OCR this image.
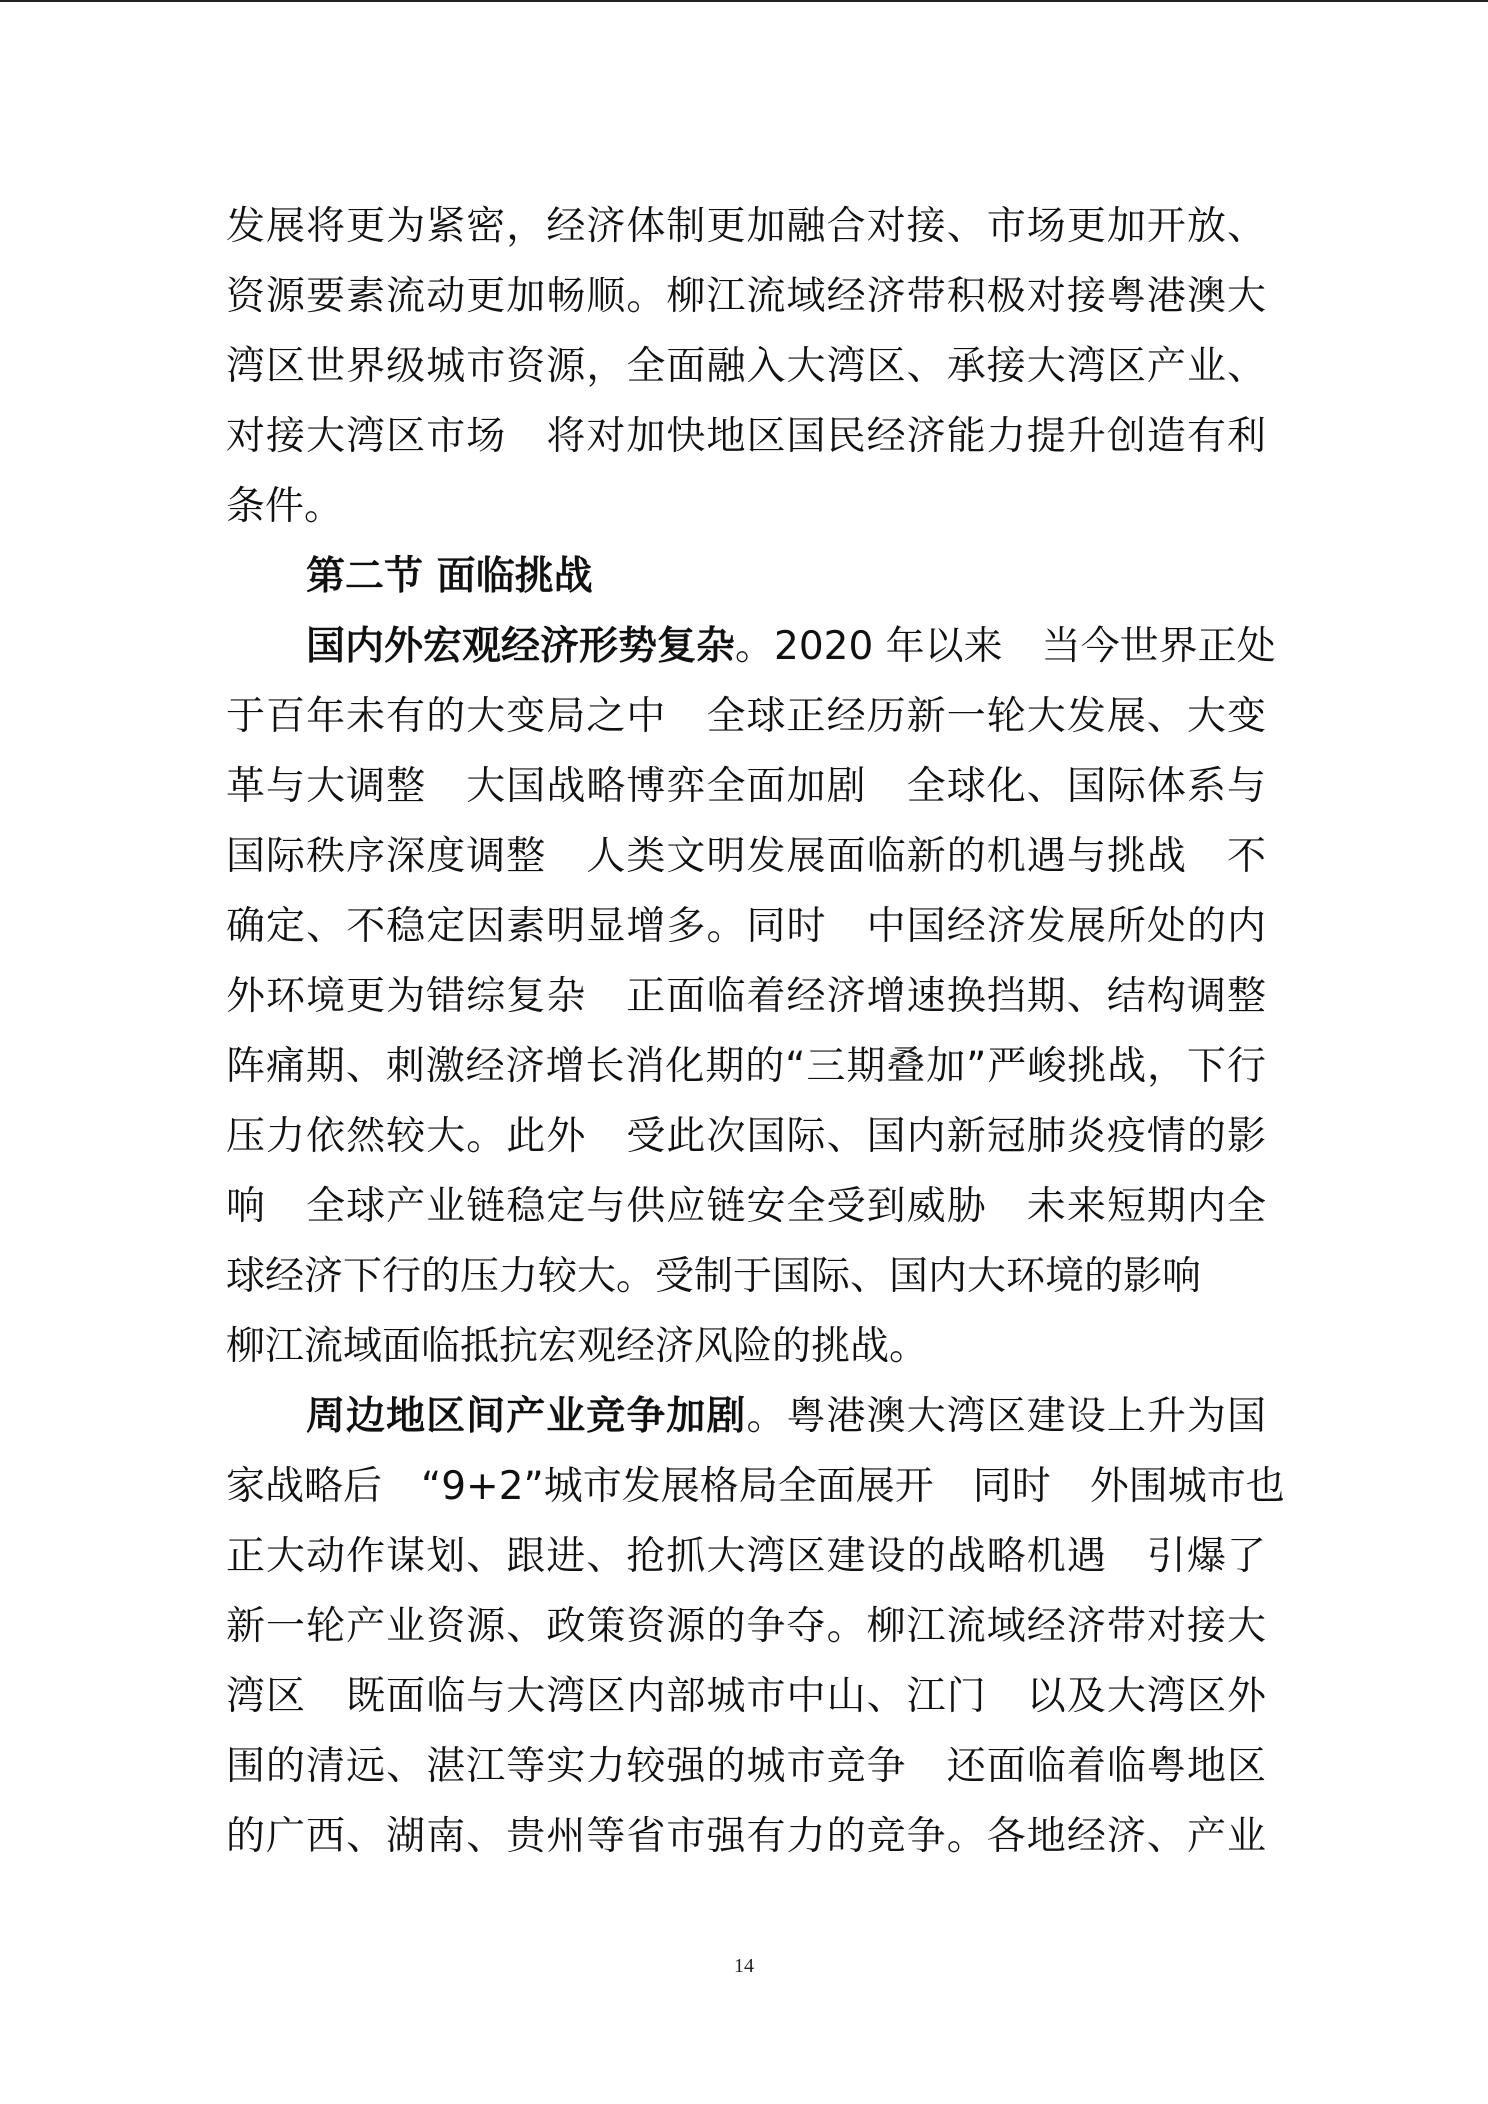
发展将更为紧密，经济体制更加融合对接、市场更加开放、
资源要素流动更加畅顺。柳江流域经济带积极对接粤港澳大
湾区世界级城市资源，全面融入大湾区、承接大湾区产业、
对接大湾区市场　将对加快地区国民经济能力提升创造有利
条件。
第二节 面临挑战
国内外宏观经济形势复杂。2020 年以来　当今世界正处
于百年未有的大变局之中　全球正经历新一轮大发展、大变
革与大调整　大国战略博弈全面加剧　全球化、国际体系与
国际秩序深度调整　人类文明发展面临新的机遇与挑战　不
确定、不稳定因素明显增多。同时　中国经济发展所处的内
外环境更为错综复杂　正面临着经济增速换挡期、结构调整
阵痛期、刺激经济增长消化期的“三期叠加”严峻挑战，下行
压力依然较大。此外　受此次国际、国内新冠肺炎疫情的影
响　全球产业链稳定与供应链安全受到威胁　未来短期内全
球经济下行的压力较大。受制于国际、国内大环境的影响
柳江流域面临抵抗宏观经济风险的挑战。
周边地区间产业竞争加剧。粤港澳大湾区建设上升为国
家战略后　“9+2”城市发展格局全面展开　同时　外围城市也
正大动作谋划、跟进、抢抓大湾区建设的战略机遇　引爆了
新一轮产业资源、政策资源的争夺。柳江流域经济带对接大
湾区　既面临与大湾区内部城市中山、江门　以及大湾区外
围的清远、湛江等实力较强的城市竞争　还面临着临粤地区
的广西、湖南、贵州等省市强有力的竞争。各地经济、产业
14
